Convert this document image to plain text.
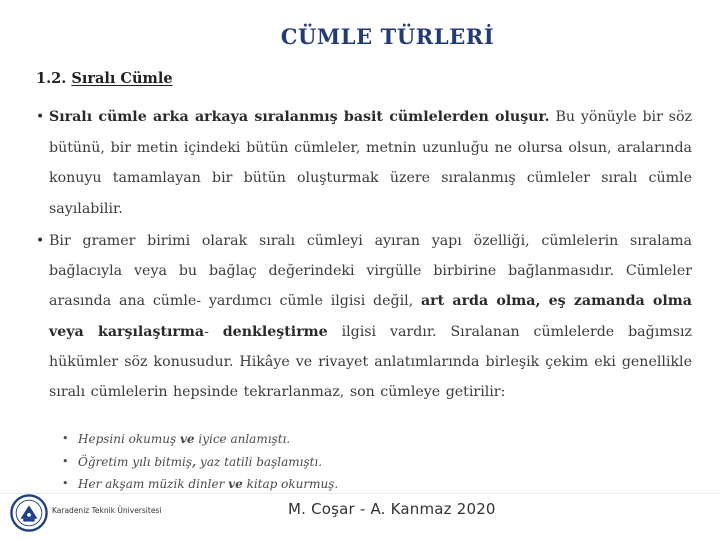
CÜMLE TÜRLERİ
1.2. Sıralı Cümle
• Sıralı cümle arka arkaya sıralanmış basit cümlelerden oluşur. Bu yönüyle bir söz bütünü, bir metin içindeki bütün cümleler, metnin uzunluğu ne olursa olsun, aralarında konuyu tamamlayan bir bütün oluşturmak üzere sıralanmış cümleler sıralı cümle sayılabilir.
• Bir gramer birimi olarak sıralı cümleyi ayıran yapı özelliği, cümlelerin sıralama bağlacıyla veya bu bağlaç değerindeki virgülle birbirine bağlanmasıdır. Cümleler arasında ana cümle- yardımcı cümle ilgisi değil, art arda olma, eş zamanda olma veya karşılaştırma- denkleştirme ilgisi vardır. Sıralanan cümlelerde bağımsız hükümler söz konusudur. Hikâye ve rivayet anlatımlarında birleşik çekim eki genellikle sıralı cümlelerin hepsinde tekrarlanmaz, son cümleye getirilir:
• Hepsini okumuş ve iyice anlamıştı.
• Öğretim yılı bitmiş, yaz tatili başlamıştı.
• Her akşam müzik dinler ve kitap okurmuş.
Karadeniz Teknik Üniversitesi	M. Coşar - A. Kanmaz 2020
